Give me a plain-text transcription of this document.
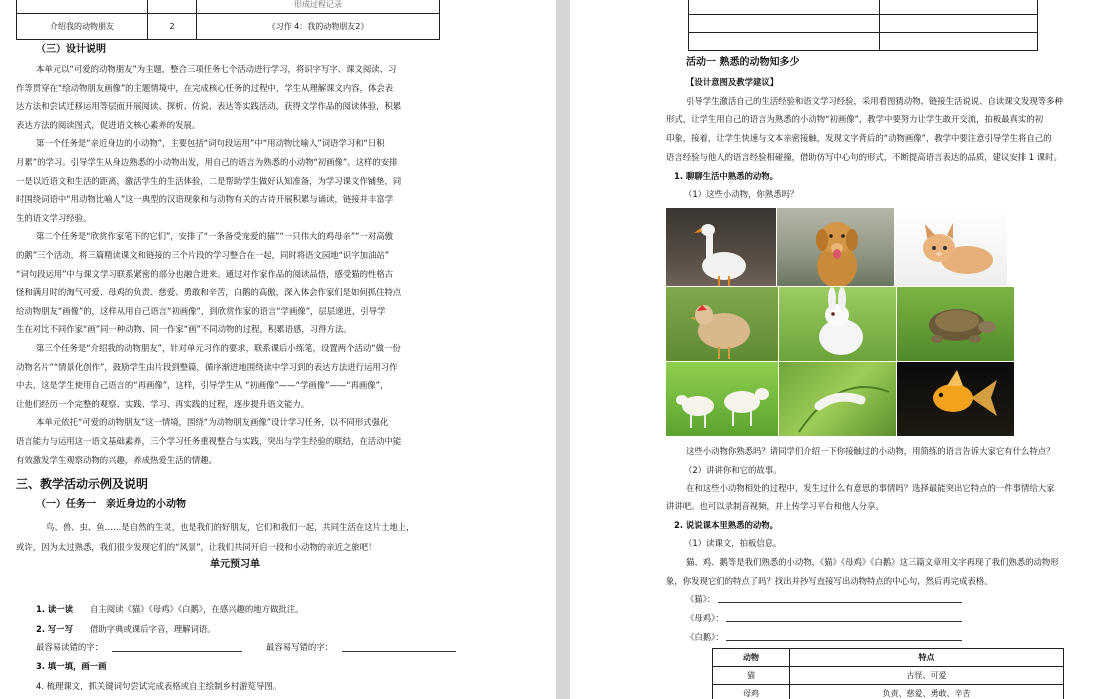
		形成过程记录
介绍我的动物朋友	2	《习作 4：我的动物朋友2》
（三）设计说明
本单元以“可爱的动物朋友”为主题，整合三项任务七个活动进行学习，将识字写字、课文阅读、习
作等贯穿在“绘动物朋友画像”的主题情境中，在完成核心任务的过程中，学生从理解课文内容，体会表
达方法和尝试迁移运用等层面开展阅读、探析、仿说、表达等实践活动，获得文学作品的阅读体验，积累
表达方法的阅读图式，促进语文核心素养的发展。
第一个任务是“亲近身边的小动物”，主要包括“词句段运用”中“用动物比喻人”词语学习和“日积
月累”的学习。引导学生从身边熟悉的小动物出发，用自己的语言为熟悉的小动物“初画像”。这样的安排
一是以近语文和生活的距离，激活学生的生活体验，二是帮助学生做好认知准备，为学习课文作铺垫，同
时围绕词语中“用动物比喻人”这一典型的汉语现象和与动物有关的古诗开展积累与诵读，链接并丰富学
生的语文学习经验。
第二个任务是“欣赏作家笔下的它们”，安排了“一条备受宠爱的猫”“一只伟大的鸡母亲”“一对高傲
的鹅”三个活动，将三篇精读课文和链接的三个片段的学习整合在一起，同时将语文园地“识字加油站”
“词句段运用”中与课文学习联系紧密的部分也融合进来。通过对作家作品的阅读品悟，感受猫的性格古
怪和满月时的淘气可爱、母鸡的负责、慈爱、勇敢和辛苦，白鹅的高傲，深入体会作家们是如何抓住特点
给动物朋友“画像”的，这样从用自己语言“初画像”，到欣赏作家的语言“学画像”，层层递进，引导学
生在对比不同作家“画”同一种动物、同一作家“画”不同动物的过程，积累语感，习得方法。
第三个任务是“介绍我的动物朋友”，针对单元习作的要求，联系课后小练笔，设置两个活动“做一份
动物名片”“情景化创作”，鼓励学生由片段到整篇，循序渐进地围绕读中学习到的表达方法进行运用习作
中去，这是学生使用自己语言的“再画像”，这样，引导学生从 “初画像”——“学画像”——“再画像”，
让他们经历一个完整的观察、实践、学习、再实践的过程，逐步提升语文能力。
本单元依托“可爱的动物朋友”这一情境，围绕“为动物朋友画像”设计学习任务，以不同形式强化
语言能力与运用这一语文基础素养，三个学习任务重视整合与实践，突出与学生经验的联结，在活动中能
有效激发学生观察动物的兴趣，养成热爱生活的情趣。
三、教学活动示例及说明
（一）任务一　亲近身边的小动物
鸟、兽、虫、鱼……是自然的生灵，也是我们的好朋友，它们和我们一起，共同生活在这片土地上，
或许，因为太过熟悉，我们很少发现它们的“风景”，让我们共同开启一段和小动物的亲近之旅吧！
单元预习单
1. 读一读 自主阅读《猫》《母鸡》《白鹅》，在感兴趣的地方做批注。
2. 写一写 借助字典或课后字音，理解词语。
最容易读错的字：	最容易写错的字：
3. 填一填，画一画
4. 梳理课文，抓关键词句尝试完成表格或自主绘制乡村游览导图。

活动一 熟悉的动物知多少
【设计意图及教学建议】
引导学生激活自己的生活经验和语文学习经验，采用看图猜动物、链接生活说说、自读课文发现等多种
形式，让学生用自己的语言为熟悉的小动物“初画像”，教学中要努力让学生敢开交流，拍板最真实的初
印象，接着，让学生快速与文本亲密接触，发现文字背后的“动物画像”，教学中要注意引导学生将自己的
语言经验与他人的语言经验相碰撞，借助仿写中心句的形式，不断提高语言表达的品质，建议安排 1 课时。
1. 聊聊生活中熟悉的动物。
（1）这些小动物，你熟悉吗？
这些小动物你熟悉吗？请同学们介绍一下你接触过的小动物，用简练的语言告诉大家它有什么特点？
（2）讲讲你和它的故事。
在和这些小动物相处的过程中，发生过什么有意思的事情吗？选择最能突出它特点的一件事情给大家
讲讲吧。也可以录制音视频，并上传学习平台和他人分享。
2. 说说课本里熟悉的动物。
（1）读课文，拍板信息。
猫、鸡、鹅等是我们熟悉的小动物，《猫》《母鸡》《白鹅》这三篇文章用文字再现了我们熟悉的动物形
象，你发现它们的特点了吗？找出并抄写直接写出动物特点的中心句，然后再完成表格。
《猫》：
《母鸡》：
《白鹅》：
动物	特点
猫	古怪、可爱
母鸡	负责、慈爱、勇敢、辛苦
